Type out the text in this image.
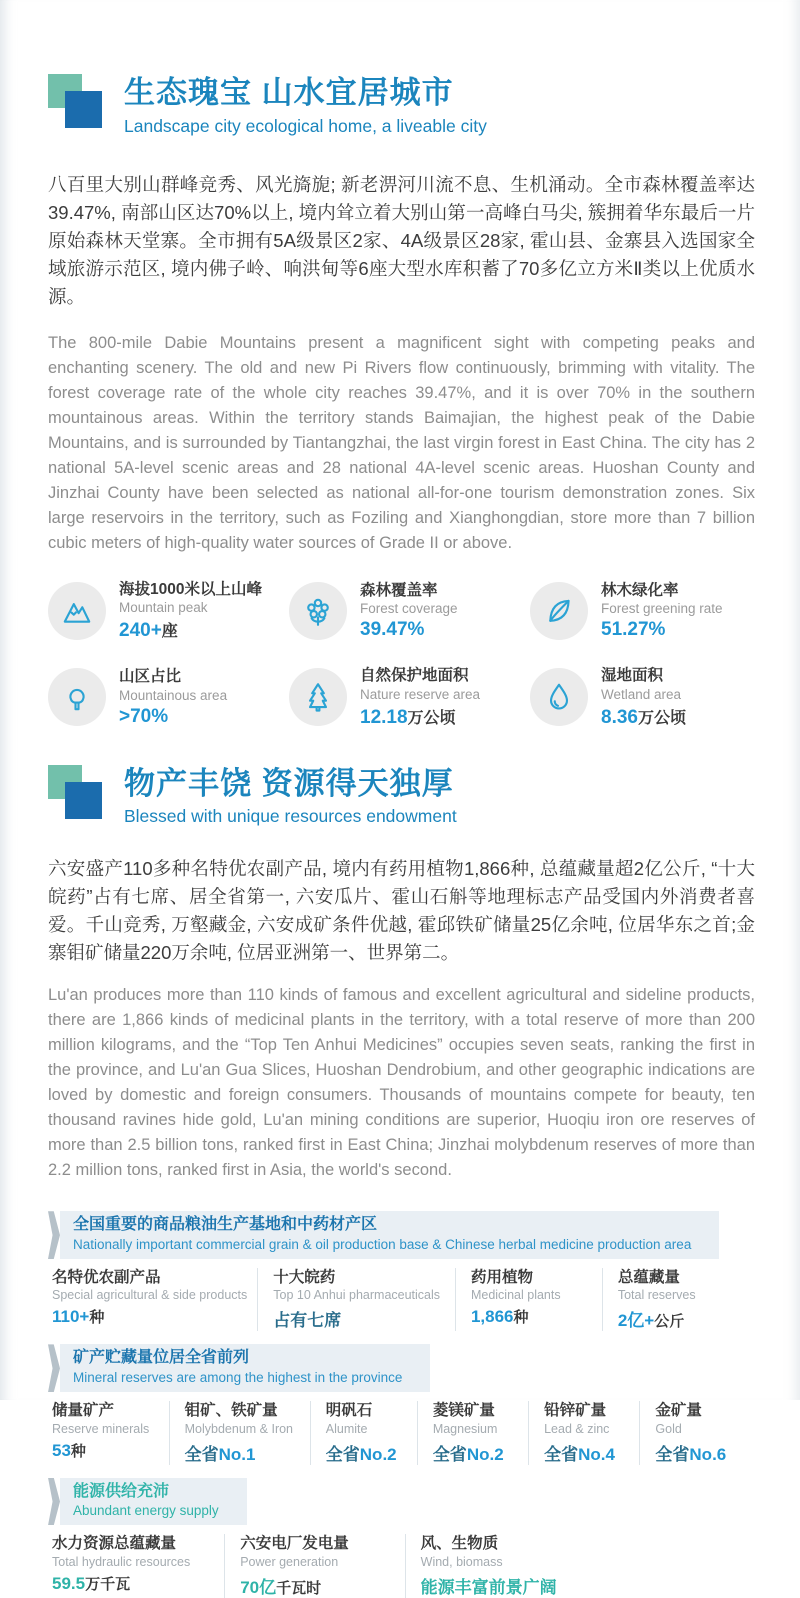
生态瑰宝 山水宜居城市
Landscape city ecological home, a liveable city

八百里大别山群峰竞秀、风光旖旎; 新老淠河川流不息、生机涌动。全市森林覆盖率达39.47%, 南部山区达70%以上, 境内耸立着大别山第一高峰白马尖, 簇拥着华东最后一片原始森林天堂寨。全市拥有5A级景区2家、4A级景区28家, 霍山县、金寨县入选国家全域旅游示范区, 境内佛子岭、响洪甸等6座大型水库积蓄了70多亿立方米Ⅱ类以上优质水源。

The 800-mile Dabie Mountains present a magnificent sight with competing peaks and enchanting scenery. The old and new Pi Rivers flow continuously, brimming with vitality. The forest coverage rate of the whole city reaches 39.47%, and it is over 70% in the southern mountainous areas. Within the territory stands Baimajian, the highest peak of the Dabie Mountains, and is surrounded by Tiantangzhai, the last virgin forest in East China. The city has 2 national 5A-level scenic areas and 28 national 4A-level scenic areas. Huoshan County and Jinzhai County have been selected as national all-for-one tourism demonstration zones. Six large reservoirs in the territory, such as Foziling and Xianghongdian, store more than 7 billion cubic meters of high-quality water sources of Grade II or above.

海拔1000米以上山峰
Mountain peak
240+座
森林覆盖率
Forest coverage
39.47%
林木绿化率
Forest greening rate
51.27%
山区占比
Mountainous area
>70%
自然保护地面积
Nature reserve area
12.18万公顷
湿地面积
Wetland area
8.36万公顷
物产丰饶 资源得天独厚
Blessed with unique resources endowment

六安盛产110多种名特优农副产品, 境内有药用植物1,866种, 总蕴藏量超2亿公斤, “十大皖药”占有七席、居全省第一, 六安瓜片、霍山石斛等地理标志产品受国内外消费者喜爱。千山竞秀, 万壑藏金, 六安成矿条件优越, 霍邱铁矿储量25亿余吨, 位居华东之首;金寨钼矿储量220万余吨, 位居亚洲第一、世界第二。

Lu'an produces more than 110 kinds of famous and excellent agricultural and sideline products, there are 1,866 kinds of medicinal plants in the territory, with a total reserve of more than 200 million kilograms, and the “Top Ten Anhui Medicines” occupies seven seats, ranking the first in the province, and Lu'an Gua Slices, Huoshan Dendrobium, and other geographic indications are loved by domestic and foreign consumers. Thousands of mountains compete for beauty, ten thousand ravines hide gold, Lu'an mining conditions are superior, Huoqiu iron ore reserves of more than 2.5 billion tons, ranked first in East China; Jinzhai molybdenum reserves of more than 2.2 million tons, ranked first in Asia, the world's second.

全国重要的商品粮油生产基地和中药材产区
Nationally important commercial grain & oil production base & Chinese herbal medicine production area
名特优农副产品
Special agricultural & side products
110+种
十大皖药
Top 10 Anhui pharmaceuticals
占有七席
药用植物
Medicinal plants
1,866种
总蕴藏量
Total reserves
2亿+公斤
矿产贮藏量位居全省前列
Mineral reserves are among the highest in the province
储量矿产
Reserve minerals
53种
钼矿、铁矿量
Molybdenum & Iron
全省No.1
明矾石
Alumite
全省No.2
菱镁矿量
Magnesium
全省No.2
铅锌矿量
Lead & zinc
全省No.4
金矿量
Gold
全省No.6
能源供给充沛
Abundant energy supply
水力资源总蕴藏量
Total hydraulic resources
59.5万千瓦
六安电厂发电量
Power generation
70亿千瓦时
风、生物质
Wind, biomass
能源丰富前景广阔
